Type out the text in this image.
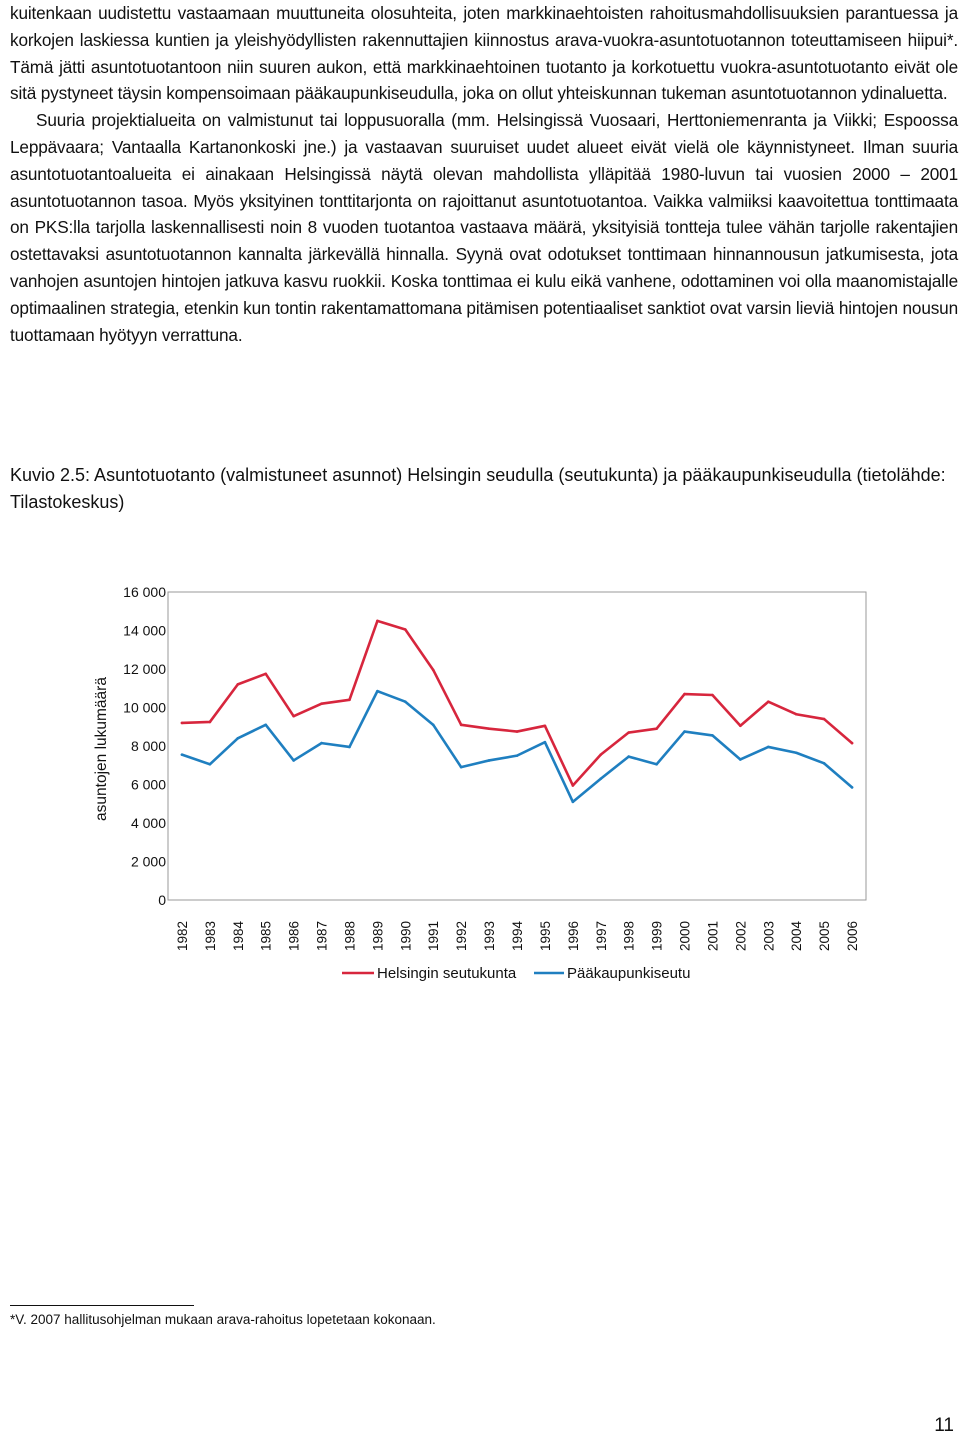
kuitenkaan uudistettu vastaamaan muuttuneita olosuhteita, joten markkinaehtoisten rahoitusmahdollisuuksien parantuessa ja korkojen laskiessa kuntien ja yleishyödyllisten rakennuttajien kiinnostus arava-vuokra-asuntotuotannon toteuttamiseen hiipui*. Tämä jätti asuntotuotantoon niin suuren aukon, että markkinaehtoinen tuotanto ja korkotuettu vuokra-asuntotuotanto eivät ole sitä pystyneet täysin kompensoimaan pääkaupunkiseudulla, joka on ollut yhteiskunnan tukeman asuntotuotannon ydinaluetta.

Suuria projektialueita on valmistunut tai loppusuoralla (mm. Helsingissä Vuosaari, Herttoniemenranta ja Viikki; Espoossa Leppävaara; Vantaalla Kartanonkoski jne.) ja vastaavan suuruiset uudet alueet eivät vielä ole käynnistyneet. Ilman suuria asuntotuotantoalueita ei ainakaan Helsingissä näytä olevan mahdollista ylläpitää 1980-luvun tai vuosien 2000 – 2001 asuntotuotannon tasoa. Myös yksityinen tonttitarjonta on rajoittanut asuntotuotantoa. Vaikka valmiiksi kaavoitettua tonttimaata on PKS:lla tarjolla laskennallisesti noin 8 vuoden tuotantoa vastaava määrä, yksityisiä tontteja tulee vähän tarjolle rakentajien ostettavaksi asuntotuotannon kannalta järkevällä hinnalla. Syynä ovat odotukset tonttimaan hinnannousun jatkumisesta, jota vanhojen asuntojen hintojen jatkuva kasvu ruokkii. Koska tonttimaa ei kulu eikä vanhene, odottaminen voi olla maanomistajalle optimaalinen strategia, etenkin kun tontin rakentamattomana pitämisen potentiaaliset sanktiot ovat varsin lieviä hintojen nousun tuottamaan hyötyyn verrattuna.

Kuvio 2.5: Asuntotuotanto (valmistuneet asunnot) Helsingin seudulla (seutukunta) ja pääkaupunkiseudulla (tietolähde: Tilastokeskus)
0
2 000
4 000
6 000
8 000
10 000
12 000
14 000
16 000
asuntojen lukumäärä
1982 1983 1984 1985 1986 1987 1988 1989 1990 1991 1992 1993 1994 1995 1996 1997 1998 1999 2000 2001 2002 2003 2004 2005 2006
Helsingin seutukunta	Pääkaupunkiseutu
*V. 2007 hallitusohjelman mukaan arava-rahoitus lopetetaan kokonaan.
11
